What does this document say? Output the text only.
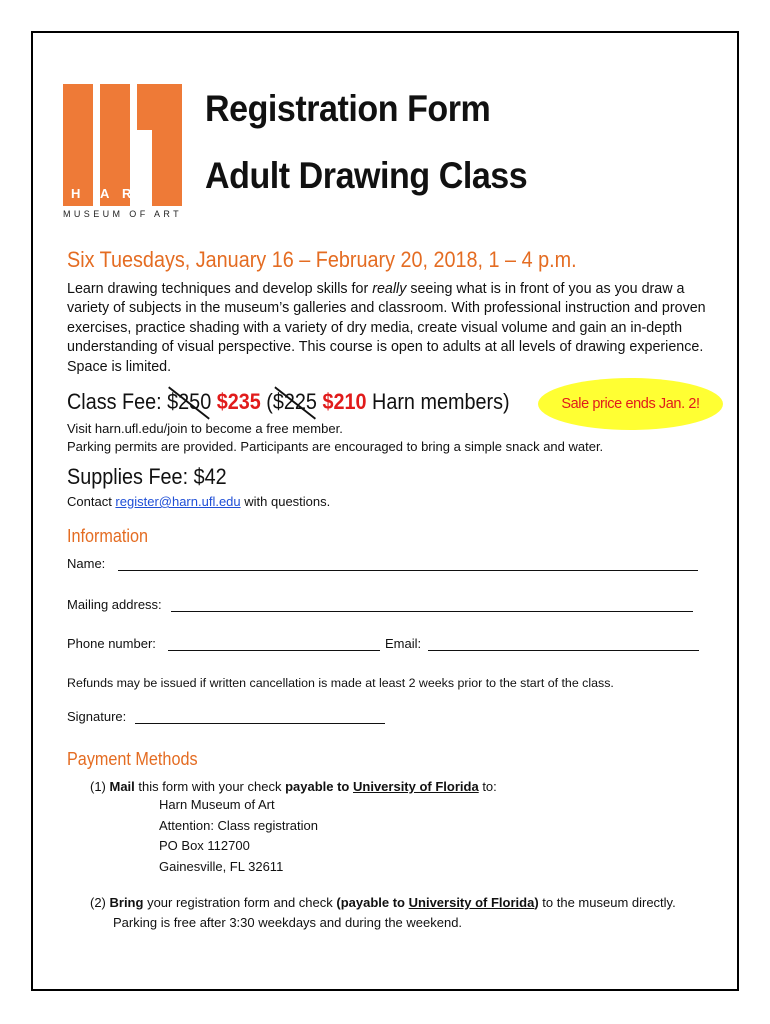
H A R N
MUSEUM OF ART
Registration Form
Adult Drawing Class
Six Tuesdays, January 16 – February 20, 2018, 1 – 4 p.m.
Learn drawing techniques and develop skills for really seeing what is in front of you as you draw a variety of subjects in the museum’s galleries and classroom. With professional instruction and proven exercises, practice shading with a variety of dry media, create visual volume and gain an in-depth understanding of visual perspective. This course is open to adults at all levels of drawing experience. Space is limited.
Class Fee: $250 $235 ($225 $210 Harn members)	Sale price ends Jan. 2!
Visit harn.ufl.edu/join to become a free member.
Parking permits are provided. Participants are encouraged to bring a simple snack and water.
Supplies Fee: $42
Contact register@harn.ufl.edu with questions.
Information
Name:
Mailing address:
Phone number:	Email:
Refunds may be issued if written cancellation is made at least 2 weeks prior to the start of the class.
Signature:
Payment Methods
(1) Mail this form with your check payable to University of Florida to:
Harn Museum of Art
Attention: Class registration
PO Box 112700
Gainesville, FL 32611
(2) Bring your registration form and check (payable to University of Florida) to the museum directly.
Parking is free after 3:30 weekdays and during the weekend.
